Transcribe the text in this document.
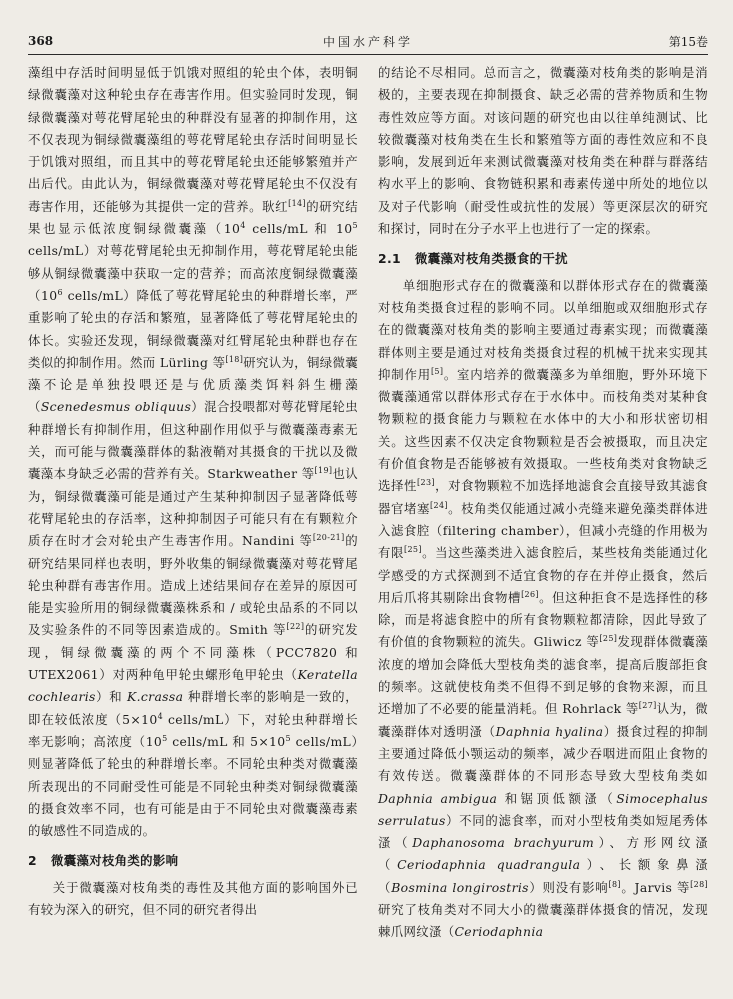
368	中国水产科学	第15卷

藻组中存活时间明显低于饥饿对照组的轮虫个体，表明铜绿微囊藻对这种轮虫存在毒害作用。但实验同时发现，铜绿微囊藻对萼花臂尾轮虫的种群没有显著的抑制作用，这不仅表现为铜绿微囊藻组的萼花臂尾轮虫存活时间明显长于饥饿对照组，而且其中的萼花臂尾轮虫还能够繁殖并产出后代。由此认为，铜绿微囊藻对萼花臂尾轮虫不仅没有毒害作用，还能够为其提供一定的营养。耿红[14]的研究结果也显示低浓度铜绿微囊藻（$10^4$ cells/mL 和 $10^5$ cells/mL）对萼花臂尾轮虫无抑制作用，萼花臂尾轮虫能够从铜绿微囊藻中获取一定的营养；而高浓度铜绿微囊藻（$10^6$ cells/mL）降低了萼花臂尾轮虫的种群增长率，严重影响了轮虫的存活和繁殖，显著降低了萼花臂尾轮虫的体长。实验还发现，铜绿微囊藻对红臂尾轮虫种群也存在类似的抑制作用。然而 Lürling 等[18]研究认为，铜绿微囊藻不论是单独投喂还是与优质藻类饵料斜生栅藻（Scenedesmus obliquus）混合投喂都对萼花臂尾轮虫种群增长有抑制作用，但这种副作用似乎与微囊藻毒素无关，而可能与微囊藻群体的黏液鞘对其摄食的干扰以及微囊藻本身缺乏必需的营养有关。Starkweather 等[19]也认为，铜绿微囊藻可能是通过产生某种抑制因子显著降低萼花臂尾轮虫的存活率，这种抑制因子可能只有在有颗粒介质存在时才会对轮虫产生毒害作用。Nandini 等[20-21]的研究结果同样也表明，野外收集的铜绿微囊藻对萼花臂尾轮虫种群有毒害作用。造成上述结果间存在差异的原因可能是实验所用的铜绿微囊藻株系和 / 或轮虫品系的不同以及实验条件的不同等因素造成的。Smith 等[22]的研究发现，铜绿微囊藻的两个不同藻株（PCC7820 和 UTEX2061）对两种龟甲轮虫螺形龟甲轮虫（Keratella cochlearis）和 K.crassa 种群增长率的影响是一致的，即在较低浓度（$5\times 10^4$ cells/mL）下，对轮虫种群增长率无影响；高浓度（$10^5$ cells/mL 和 $5\times 10^5$ cells/mL）则显著降低了轮虫的种群增长率。不同轮虫种类对微囊藻所表现出的不同耐受性可能是不同轮虫种类对铜绿微囊藻的摄食效率不同，也有可能是由于不同轮虫对微囊藻毒素的敏感性不同造成的。

2 微囊藻对枝角类的影响

关于微囊藻对枝角类的毒性及其他方面的影响国外已有较为深入的研究，但不同的研究者得出

的结论不尽相同。总而言之，微囊藻对枝角类的影响是消极的，主要表现在抑制摄食、缺乏必需的营养物质和生物毒性效应等方面。对该问题的研究也由以往单纯测试、比较微囊藻对枝角类在生长和繁殖等方面的毒性效应和不良影响，发展到近年来测试微囊藻对枝角类在种群与群落结构水平上的影响、食物链积累和毒素传递中所处的地位以及对子代影响（耐受性或抗性的发展）等更深层次的研究和探讨，同时在分子水平上也进行了一定的探索。

2.1 微囊藻对枝角类摄食的干扰

单细胞形式存在的微囊藻和以群体形式存在的微囊藻对枝角类摄食过程的影响不同。以单细胞或双细胞形式存在的微囊藻对枝角类的影响主要通过毒素实现；而微囊藻群体则主要是通过对枝角类摄食过程的机械干扰来实现其抑制作用[5]。室内培养的微囊藻多为单细胞，野外环境下微囊藻通常以群体形式存在于水体中。而枝角类对某种食物颗粒的摄食能力与颗粒在水体中的大小和形状密切相关。这些因素不仅决定食物颗粒是否会被摄取，而且决定有价值食物是否能够被有效摄取。一些枝角类对食物缺乏选择性[23]，对食物颗粒不加选择地滤食会直接导致其滤食器官堵塞[24]。枝角类仅能通过减小壳缝来避免藻类群体进入滤食腔（filtering chamber），但减小壳缝的作用极为有限[25]。当这些藻类进入滤食腔后，某些枝角类能通过化学感受的方式探测到不适宜食物的存在并停止摄食，然后用后爪将其剔除出食物槽[26]。但这种拒食不是选择性的移除，而是将滤食腔中的所有食物颗粒都清除，因此导致了有价值的食物颗粒的流失。Gliwicz 等[25]发现群体微囊藻浓度的增加会降低大型枝角类的滤食率，提高后腹部拒食的频率。这就使枝角类不但得不到足够的食物来源，而且还增加了不必要的能量消耗。但 Rohrlack 等[27]认为，微囊藻群体对透明溞（Daphnia hyalina）摄食过程的抑制主要通过降低小颚运动的频率，减少吞咽进而阻止食物的有效传送。微囊藻群体的不同形态导致大型枝角类如 Daphnia ambigua 和锯顶低额溞（Simocephalus serrulatus）不同的滤食率，而对小型枝角类如短尾秀体溞（Daphanosoma brachyurum）、方形网纹溞（Ceriodaphnia quadrangula）、长额象鼻溞（Bosmina longirostris）则没有影响[8]。Jarvis 等[28]研究了枝角类对不同大小的微囊藻群体摄食的情况，发现棘爪网纹溞（Ceriodaphnia
